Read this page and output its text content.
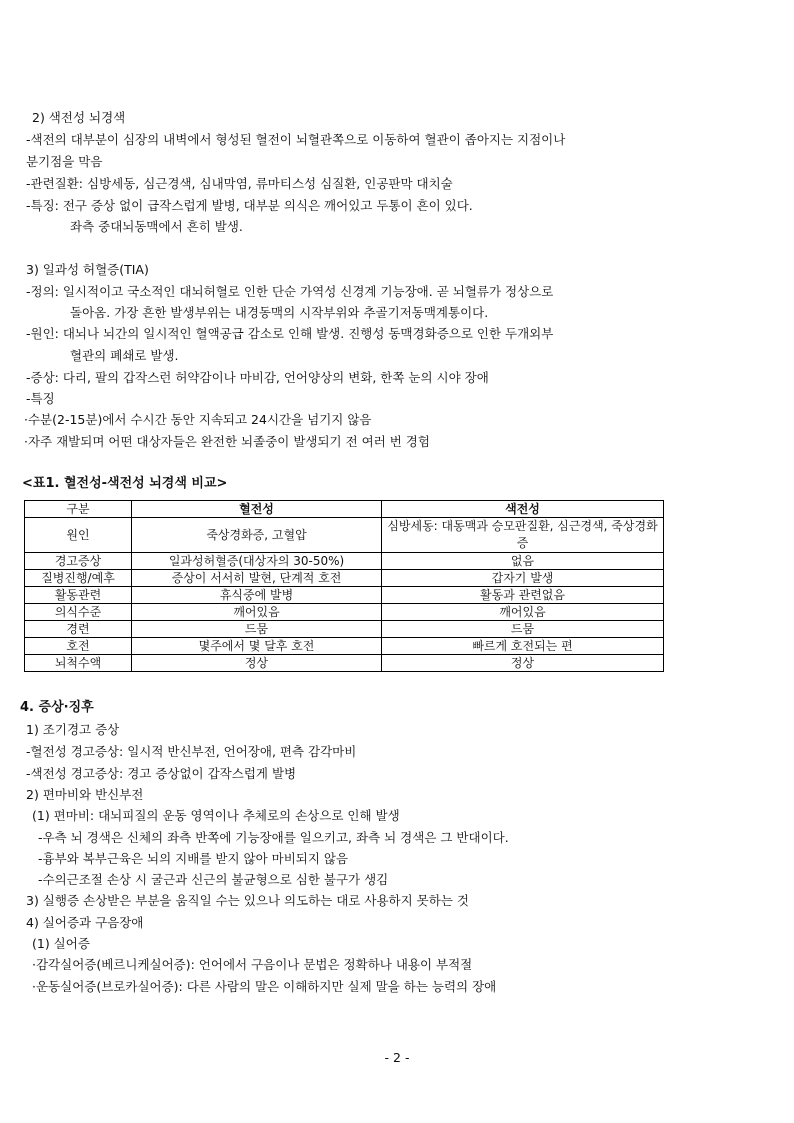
2) 색전성 뇌경색
-색전의 대부분이 심장의 내벽에서 형성된 혈전이 뇌혈관쪽으로 이동하여 혈관이 좁아지는 지점이나
분기점을 막음
-관련질환: 심방세동, 심근경색, 심내막염, 류마티스성 심질환, 인공판막 대치술
-특징: 전구 증상 없이 급작스럽게 발병, 대부분 의식은 깨어있고 두통이 흔이 있다.
좌측 중대뇌동맥에서 흔히 발생.
3) 일과성 허혈증(TIA)
-정의: 일시적이고 국소적인 대뇌허혈로 인한 단순 가역성 신경계 기능장애. 곧 뇌혈류가 정상으로
돌아옴. 가장 흔한 발생부위는 내경동맥의 시작부위와 추골기저동맥계통이다.
-원인: 대뇌나 뇌간의 일시적인 혈액공급 감소로 인해 발생. 진행성 동맥경화증으로 인한 두개외부
혈관의 폐쇄로 발생.
-증상: 다리, 팔의 갑작스런 허약감이나 마비감, 언어양상의 변화, 한쪽 눈의 시야 장애
-특징
·수분(2-15분)에서 수시간 동안 지속되고 24시간을 넘기지 않음
·자주 재발되며 어떤 대상자들은 완전한 뇌졸중이 발생되기 전 여러 번 경험
<표1. 혈전성-색전성 뇌경색 비교>
구분	혈전성	색전성
원인	죽상경화증, 고혈압	심방세동: 대동맥과 승모판질환, 심근경색, 죽상경화증
경고증상	일과성허혈증(대상자의 30-50%)	없음
질병진행/예후	증상이 서서히 발현, 단계적 호전	갑자기 발생
활동관련	휴식중에 발병	활동과 관련없음
의식수준	깨어있음	깨어있음
경련	드뭄	드뭄
호전	몇주에서 몇 달후 호전	빠르게 호전되는 편
뇌척수액	정상	정상
4. 증상·징후
1) 조기경고 증상
-혈전성 경고증상: 일시적 반신부전, 언어장애, 편측 감각마비
-색전성 경고증상: 경고 증상없이 갑작스럽게 발병
2) 편마비와 반신부전
(1) 편마비: 대뇌피질의 운동 영역이나 추체로의 손상으로 인해 발생
-우측 뇌 경색은 신체의 좌측 반쪽에 기능장애를 일으키고, 좌측 뇌 경색은 그 반대이다.
-흉부와 복부근육은 뇌의 지배를 받지 않아 마비되지 않음
-수의근조절 손상 시 굴근과 신근의 불균형으로 심한 불구가 생김
3) 실행증 손상받은 부분을 움직일 수는 있으나 의도하는 대로 사용하지 못하는 것
4) 실어증과 구음장애
(1) 실어증
·감각실어증(베르니케실어증): 언어에서 구음이나 문법은 정확하나 내용이 부적절
·운동실어증(브로카실어증): 다른 사람의 말은 이해하지만 실제 말을 하는 능력의 장애
- 2 -
